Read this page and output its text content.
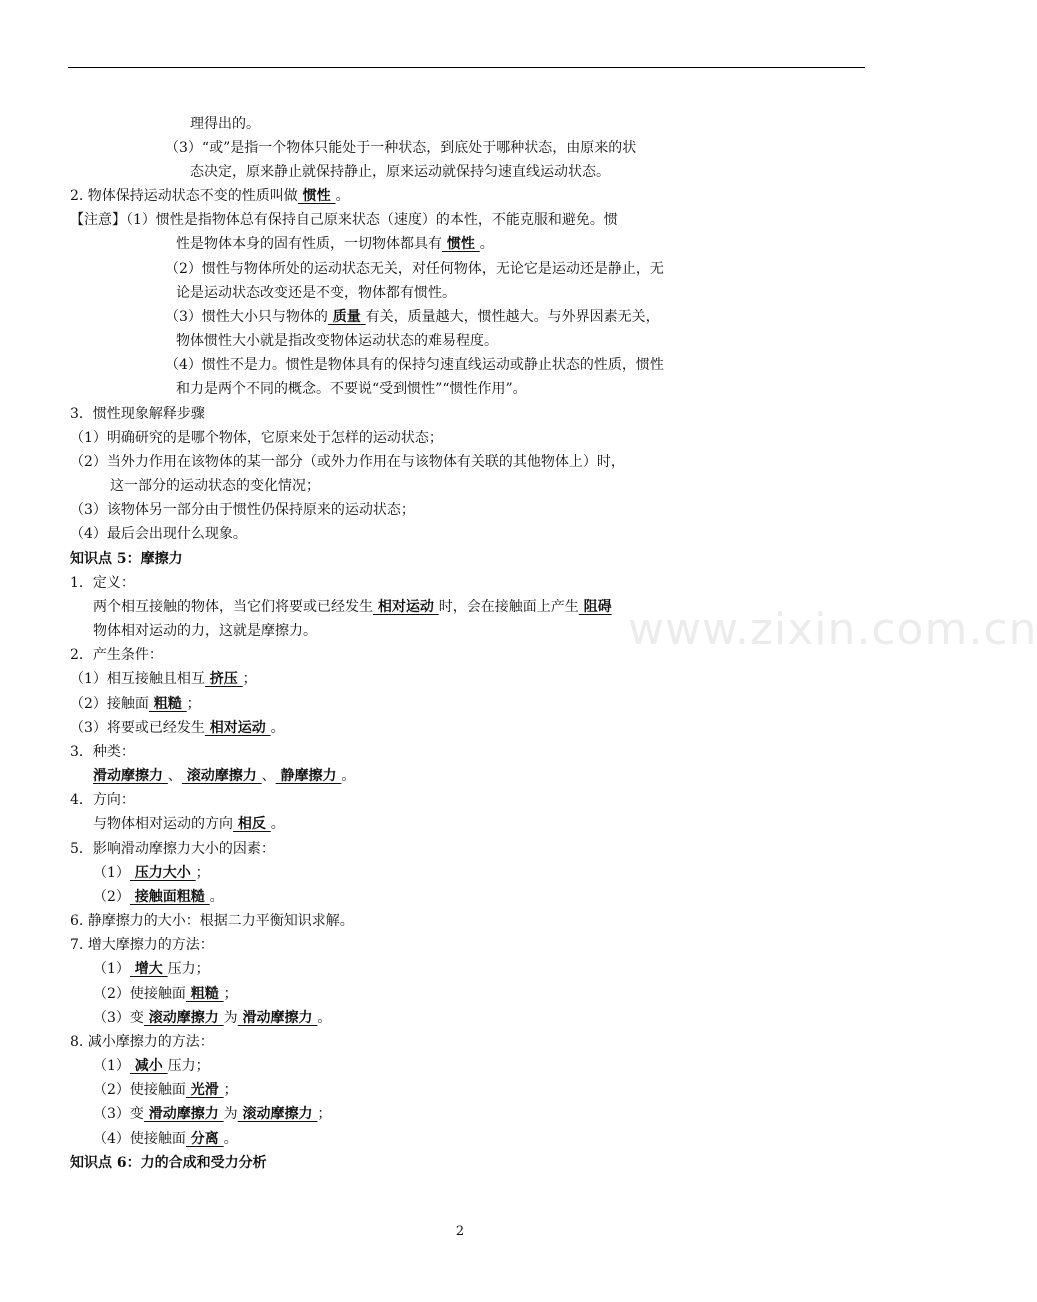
理得出的。
（3）“或”是指一个物体只能处于一种状态，到底处于哪种状态，由原来的状
态决定，原来静止就保持静止，原来运动就保持匀速直线运动状态。
2. 物体保持运动状态不变的性质叫做 惯性 。
【注意】（1）惯性是指物体总有保持自己原来状态（速度）的本性，不能克服和避免。惯
性是物体本身的固有性质，一切物体都具有 惯性 。
（2）惯性与物体所处的运动状态无关，对任何物体，无论它是运动还是静止，无
论是运动状态改变还是不变，物体都有惯性。
（3）惯性大小只与物体的 质量 有关，质量越大，惯性越大。与外界因素无关，
物体惯性大小就是指改变物体运动状态的难易程度。
（4）惯性不是力。惯性是物体具有的保持匀速直线运动或静止状态的性质，惯性
和力是两个不同的概念。不要说“受到惯性”“惯性作用”。
3．惯性现象解释步骤
（1）明确研究的是哪个物体，它原来处于怎样的运动状态；
（2）当外力作用在该物体的某一部分（或外力作用在与该物体有关联的其他物体上）时，
这一部分的运动状态的变化情况；
（3）该物体另一部分由于惯性仍保持原来的运动状态；
（4）最后会出现什么现象。
知识点 5：摩擦力
1．定义：
两个相互接触的物体，当它们将要或已经发生 相对运动 时，会在接触面上产生 阻碍
物体相对运动的力，这就是摩擦力。
2．产生条件：
（1）相互接触且相互 挤压 ；
（2）接触面 粗糙 ；
（3）将要或已经发生 相对运动 。
3．种类：
滑动摩擦力 、 滚动摩擦力 、 静摩擦力 。
4．方向：
与物体相对运动的方向 相反 。
5．影响滑动摩擦力大小的因素：
（1） 压力大小 ；
（2） 接触面粗糙 。
6. 静摩擦力的大小：根据二力平衡知识求解。
7. 增大摩擦力的方法：
（1） 增大 压力；
（2）使接触面 粗糙 ；
（3）变 滚动摩擦力 为 滑动摩擦力 。
8. 减小摩擦力的方法：
（1） 减小 压力；
（2）使接触面 光滑 ；
（3）变 滑动摩擦力 为 滚动摩擦力 ；
（4）使接触面 分离 。
知识点 6：力的合成和受力分析
www.zixin.com.cn
2
